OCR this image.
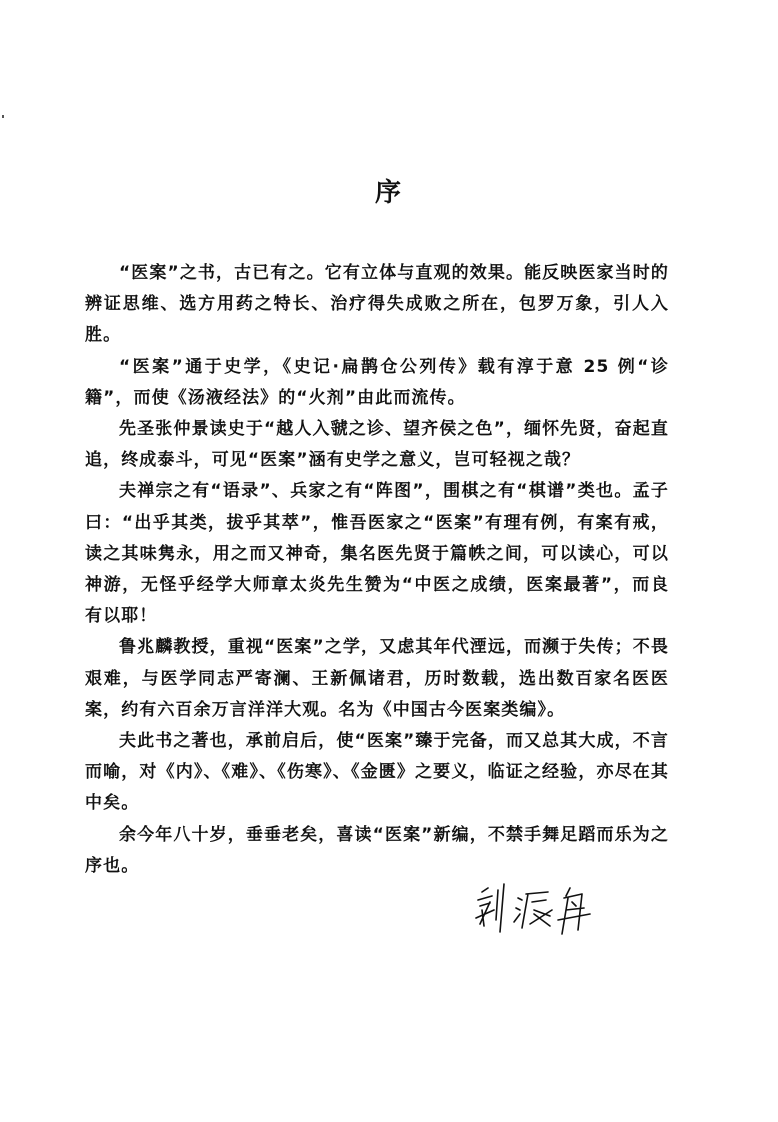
序

“医案”之书，古已有之。它有立体与直观的效果。能反映医家当时的辨证思维、选方用药之特长、治疗得失成败之所在，包罗万象，引人入胜。

“医案”通于史学，《史记·扁鹊仓公列传》载有淳于意 25 例“诊籍”，而使《汤液经法》的“火剂”由此而流传。

先圣张仲景读史于“越人入虢之诊、望齐侯之色”，缅怀先贤，奋起直追，终成泰斗，可见“医案”涵有史学之意义，岂可轻视之哉？

夫禅宗之有“语录”、兵家之有“阵图”，围棋之有“棋谱”类也。孟子曰：“出乎其类，拔乎其萃”，惟吾医家之“医案”有理有例，有案有戒，读之其味隽永，用之而又神奇，集名医先贤于篇帙之间，可以读心，可以神游，无怪乎经学大师章太炎先生赞为“中医之成绩，医案最著”，而良有以耶！

鲁兆麟教授，重视“医案”之学，又虑其年代湮远，而濒于失传；不畏艰难，与医学同志严寄澜、王新佩诸君，历时数载，选出数百家名医医案，约有六百余万言洋洋大观。名为《中国古今医案类编》。

夫此书之著也，承前启后，使“医案”臻于完备，而又总其大成，不言而喻，对《内》、《难》、《伤寒》、《金匮》之要义，临证之经验，亦尽在其中矣。

余今年八十岁，垂垂老矣，喜读“医案”新编，不禁手舞足蹈而乐为之序也。
